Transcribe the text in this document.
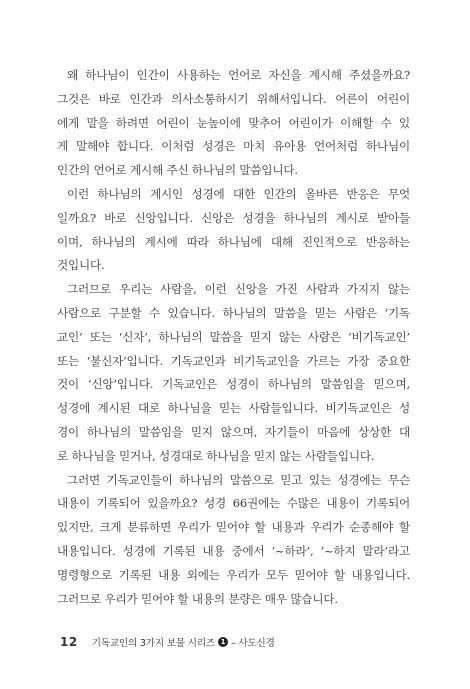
왜 하나님이 인간이 사용하는 언어로 자신을 계시해 주셨을까요?

그것은 바로 인간과 의사소통하시기 위해서입니다. 어른이 어린이

에게 말을 하려면 어린이 눈높이에 맞추어 어린이가 이해할 수 있

게 말해야 합니다. 이처럼 성경은 마치 유아용 언어처럼 하나님이

인간의 언어로 계시해 주신 하나님의 말씀입니다.

이런 하나님의 계시인 성경에 대한 인간의 올바른 반응은 무엇

일까요? 바로 신앙입니다. 신앙은 성경을 하나님의 계시로 받아들

이며, 하나님의 계시에 따라 하나님에 대해 진인적으로 반응하는

것입니다.

그러므로 우리는 사람을, 이런 신앙을 가진 사람과 가지지 않는

사람으로 구분할 수 있습니다. 하나님의 말씀을 믿는 사람은 ‘기독

교인’ 또는 ‘신자’, 하나님의 말씀을 믿지 않는 사람은 ‘비기독교인’

또는 ‘불신자’입니다. 기독교인과 비기독교인을 가르는 가장 중요한

것이 ‘신앙’입니다. 기독교인은 성경이 하나님의 말씀임을 믿으며,

성경에 계시된 대로 하나님을 믿는 사람들입니다. 비기독교인은 성

경이 하나님의 말씀임을 믿지 않으며, 자기들이 마음에 상상한 대

로 하나님을 믿거나, 성경대로 하나님을 믿지 않는 사람들입니다.

그러면 기독교인들이 하나님의 말씀으로 믿고 있는 성경에는 무슨

내용이 기록되어 있을까요? 성경 66권에는 수많은 내용이 기록되어

있지만, 크게 분류하면 우리가 믿어야 할 내용과 우리가 순종해야 할

내용입니다. 성경에 기록된 내용 중에서 ‘~하라’, ‘~하지 말라’라고

명령형으로 기록된 내용 외에는 우리가 모두 믿어야 할 내용입니다.

그러므로 우리가 믿어야 할 내용의 분량은 매우 많습니다.

12 기독교인의 3가지 보물 시리즈 1 – 사도신경
